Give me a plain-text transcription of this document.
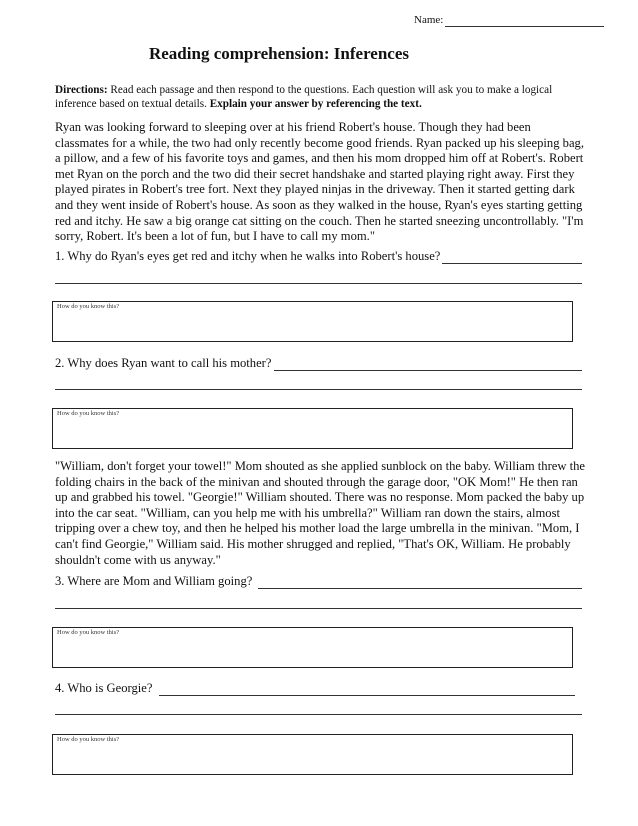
Name:
Reading comprehension: Inferences
Directions: Read each passage and then respond to the questions. Each question will ask you to make a logical inference based on textual details. Explain your answer by referencing the text.
Ryan was looking forward to sleeping over at his friend Robert's house. Though they had been classmates for a while, the two had only recently become good friends. Ryan packed up his sleeping bag, a pillow, and a few of his favorite toys and games, and then his mom dropped him off at Robert's. Robert met Ryan on the porch and the two did their secret handshake and started playing right away. First they played pirates in Robert's tree fort. Next they played ninjas in the driveway. Then it started getting dark and they went inside of Robert's house. As soon as they walked in the house, Ryan's eyes starting getting red and itchy. He saw a big orange cat sitting on the couch. Then he started sneezing uncontrollably. "I'm sorry, Robert. It's been a lot of fun, but I have to call my mom."
1. Why do Ryan's eyes get red and itchy when he walks into Robert's house?
How do you know this?
2. Why does Ryan want to call his mother?
How do you know this?
"William, don't forget your towel!" Mom shouted as she applied sunblock on the baby. William threw the folding chairs in the back of the minivan and shouted through the garage door, "OK Mom!" He then ran up and grabbed his towel. "Georgie!" William shouted. There was no response. Mom packed the baby up into the car seat. "William, can you help me with his umbrella?" William ran down the stairs, almost tripping over a chew toy, and then he helped his mother load the large umbrella in the minivan. "Mom, I can't find Georgie," William said. His mother shrugged and replied, "That's OK, William. He probably shouldn't come with us anyway."
3. Where are Mom and William going?
How do you know this?
4. Who is Georgie?
How do you know this?
